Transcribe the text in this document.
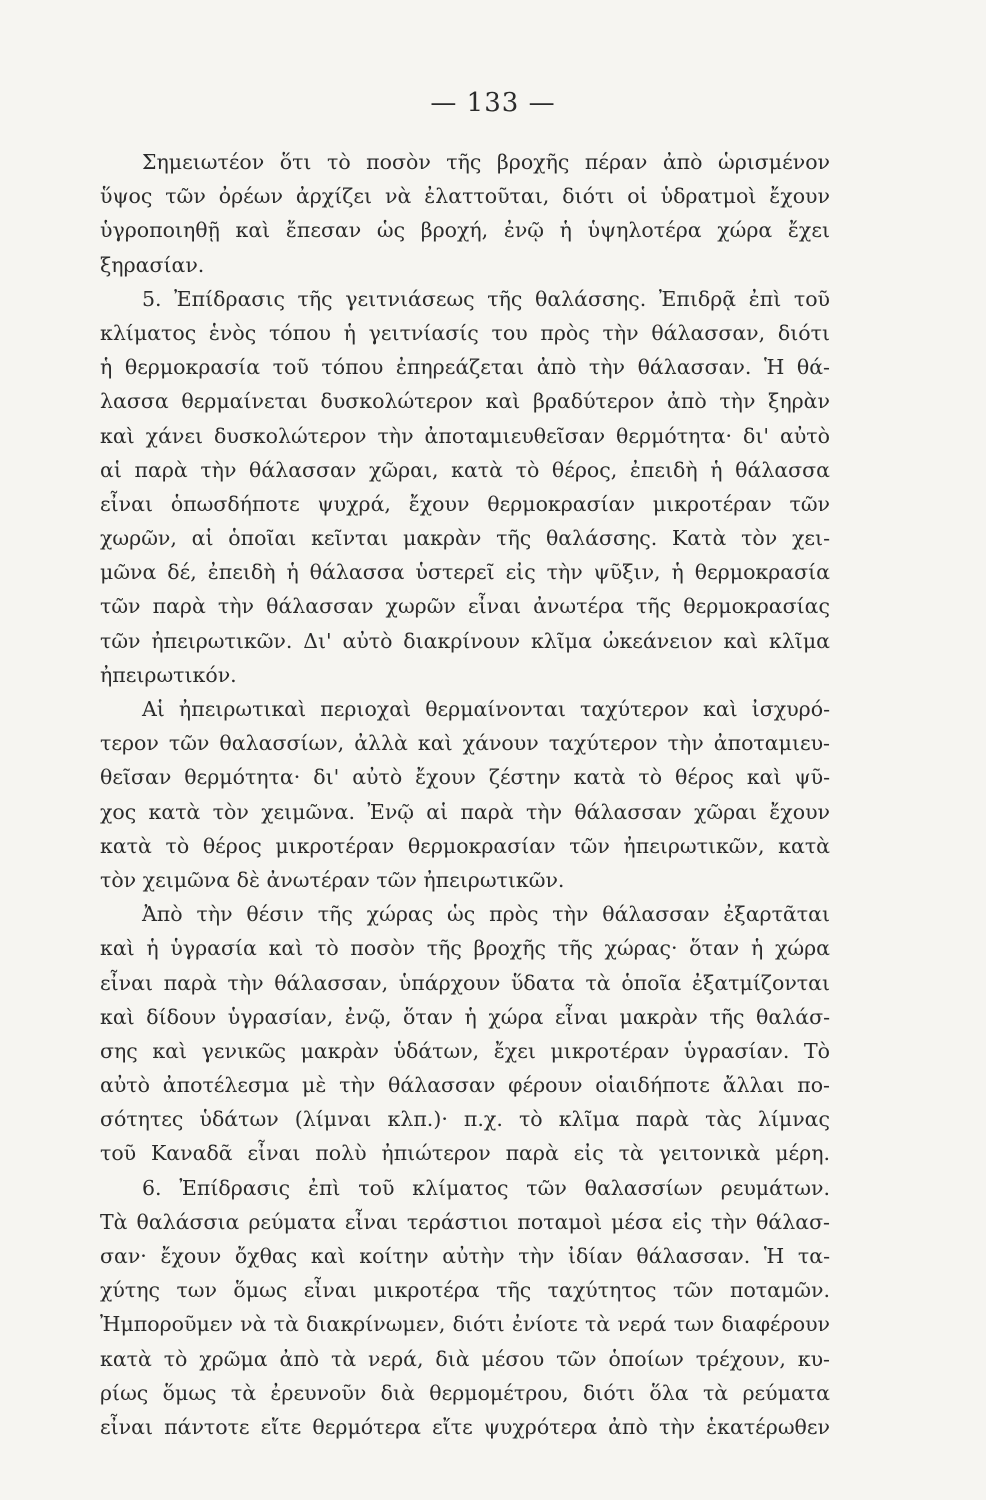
— 133 —
Σημειωτέον ὅτι τὸ ποσὸν τῆς βροχῆς πέραν ἀπὸ ὡρισμένον
ὕψος τῶν ὀρέων ἀρχίζει νὰ ἐλαττοῦται, διότι οἱ ὑδρατμοὶ ἔχουν
ὑγροποιηθῇ καὶ ἔπεσαν ὡς βροχή, ἐνῷ ἡ ὑψηλοτέρα χώρα ἔχει
ξηρασίαν.
5. Ἐπίδρασις τῆς γειτνιάσεως τῆς θαλάσσης. Ἐπιδρᾷ ἐπὶ τοῦ
κλίματος ἑνὸς τόπου ἡ γειτνίασίς του πρὸς τὴν θάλασσαν, διότι
ἡ θερμοκρασία τοῦ τόπου ἐπηρεάζεται ἀπὸ τὴν θάλασσαν. Ἡ θά-
λασσα θερμαίνεται δυσκολώτερον καὶ βραδύτερον ἀπὸ τὴν ξηρὰν
καὶ χάνει δυσκολώτερον τὴν ἀποταμιευθεῖσαν θερμότητα· δι' αὐτὸ
αἱ παρὰ τὴν θάλασσαν χῶραι, κατὰ τὸ θέρος, ἐπειδὴ ἡ θάλασσα
εἶναι ὁπωσδήποτε ψυχρά, ἔχουν θερμοκρασίαν μικροτέραν τῶν
χωρῶν, αἱ ὁποῖαι κεῖνται μακρὰν τῆς θαλάσσης. Κατὰ τὸν χει-
μῶνα δέ, ἐπειδὴ ἡ θάλασσα ὑστερεῖ εἰς τὴν ψῦξιν, ἡ θερμοκρασία
τῶν παρὰ τὴν θάλασσαν χωρῶν εἶναι ἀνωτέρα τῆς θερμοκρασίας
τῶν ἠπειρωτικῶν. Δι' αὐτὸ διακρίνουν κλῖμα ὠκεάνειον καὶ κλῖμα
ἠπειρωτικόν.
Αἱ ἠπειρωτικαὶ περιοχαὶ θερμαίνονται ταχύτερον καὶ ἰσχυρό-
τερον τῶν θαλασσίων, ἀλλὰ καὶ χάνουν ταχύτερον τὴν ἀποταμιευ-
θεῖσαν θερμότητα· δι' αὐτὸ ἔχουν ζέστην κατὰ τὸ θέρος καὶ ψῦ-
χος κατὰ τὸν χειμῶνα. Ἐνῷ αἱ παρὰ τὴν θάλασσαν χῶραι ἔχουν
κατὰ τὸ θέρος μικροτέραν θερμοκρασίαν τῶν ἠπειρωτικῶν, κατὰ
τὸν χειμῶνα δὲ ἀνωτέραν τῶν ἠπειρωτικῶν.
Ἀπὸ τὴν θέσιν τῆς χώρας ὡς πρὸς τὴν θάλασσαν ἐξαρτᾶται
καὶ ἡ ὑγρασία καὶ τὸ ποσὸν τῆς βροχῆς τῆς χώρας· ὅταν ἡ χώρα
εἶναι παρὰ τὴν θάλασσαν, ὑπάρχουν ὕδατα τὰ ὁποῖα ἐξατμίζονται
καὶ δίδουν ὑγρασίαν, ἐνῷ, ὅταν ἡ χώρα εἶναι μακρὰν τῆς θαλάσ-
σης καὶ γενικῶς μακρὰν ὑδάτων, ἔχει μικροτέραν ὑγρασίαν. Τὸ
αὐτὸ ἀποτέλεσμα μὲ τὴν θάλασσαν φέρουν οἱαιδήποτε ἄλλαι πο-
σότητες ὑδάτων (λίμναι κλπ.)· π.χ. τὸ κλῖμα παρὰ τὰς λίμνας
τοῦ Καναδᾶ εἶναι πολὺ ἠπιώτερον παρὰ εἰς τὰ γειτονικὰ μέρη.
6. Ἐπίδρασις ἐπὶ τοῦ κλίματος τῶν θαλασσίων ρευμάτων.
Τὰ θαλάσσια ρεύματα εἶναι τεράστιοι ποταμοὶ μέσα εἰς τὴν θάλασ-
σαν· ἔχουν ὄχθας καὶ κοίτην αὐτὴν τὴν ἰδίαν θάλασσαν. Ἡ τα-
χύτης των ὅμως εἶναι μικροτέρα τῆς ταχύτητος τῶν ποταμῶν.
Ἠμποροῦμεν νὰ τὰ διακρίνωμεν, διότι ἐνίοτε τὰ νερά των διαφέρουν
κατὰ τὸ χρῶμα ἀπὸ τὰ νερά, διὰ μέσου τῶν ὁποίων τρέχουν, κυ-
ρίως ὅμως τὰ ἐρευνοῦν διὰ θερμομέτρου, διότι ὅλα τὰ ρεύματα
εἶναι πάντοτε εἴτε θερμότερα εἴτε ψυχρότερα ἀπὸ τὴν ἑκατέρωθεν
